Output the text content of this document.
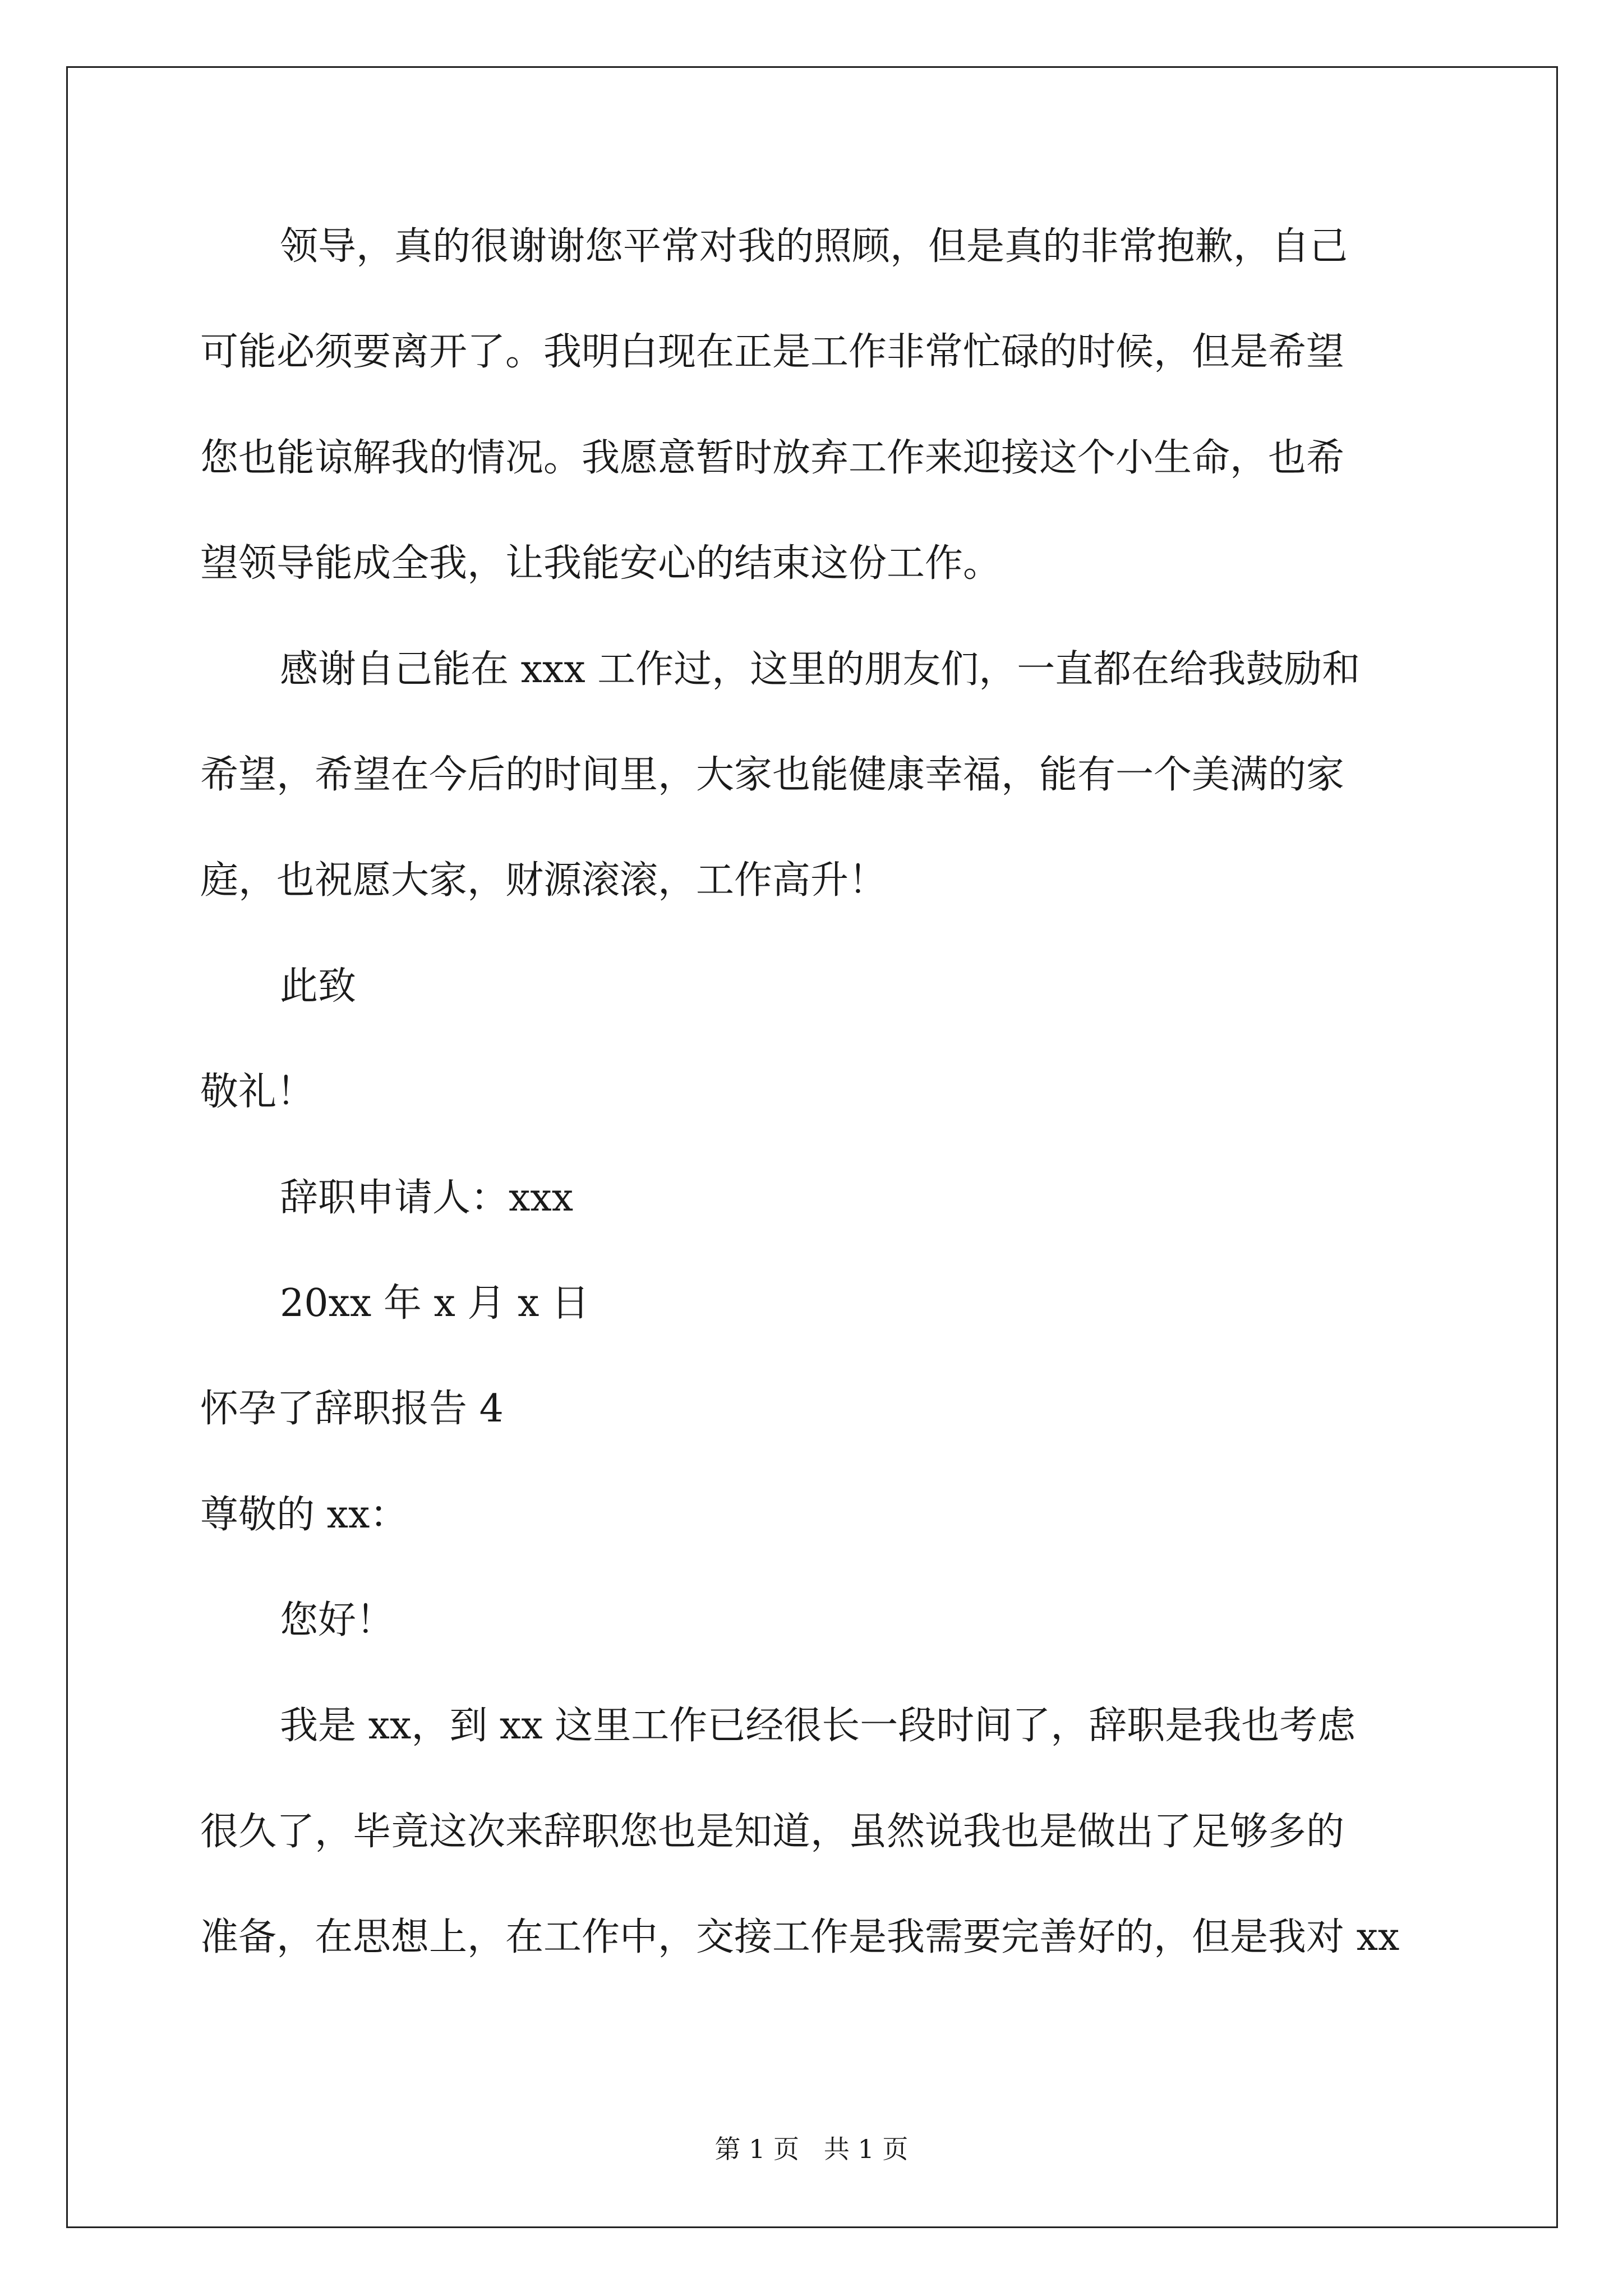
领导，真的很谢谢您平常对我的照顾，但是真的非常抱歉，自己
可能必须要离开了。我明白现在正是工作非常忙碌的时候，但是希望
您也能谅解我的情况。我愿意暂时放弃工作来迎接这个小生命，也希
望领导能成全我，让我能安心的结束这份工作。
感谢自己能在 xxx 工作过，这里的朋友们，一直都在给我鼓励和
希望，希望在今后的时间里，大家也能健康幸福，能有一个美满的家
庭，也祝愿大家，财源滚滚，工作高升！
此致
敬礼！
辞职申请人：xxx
20xx 年 x 月 x 日
怀孕了辞职报告 4
尊敬的 xx：
您好！
我是 xx，到 xx 这里工作已经很长一段时间了，辞职是我也考虑
很久了，毕竟这次来辞职您也是知道，虽然说我也是做出了足够多的
准备，在思想上，在工作中，交接工作是我需要完善好的，但是我对 xx
第 1 页   共 1 页
